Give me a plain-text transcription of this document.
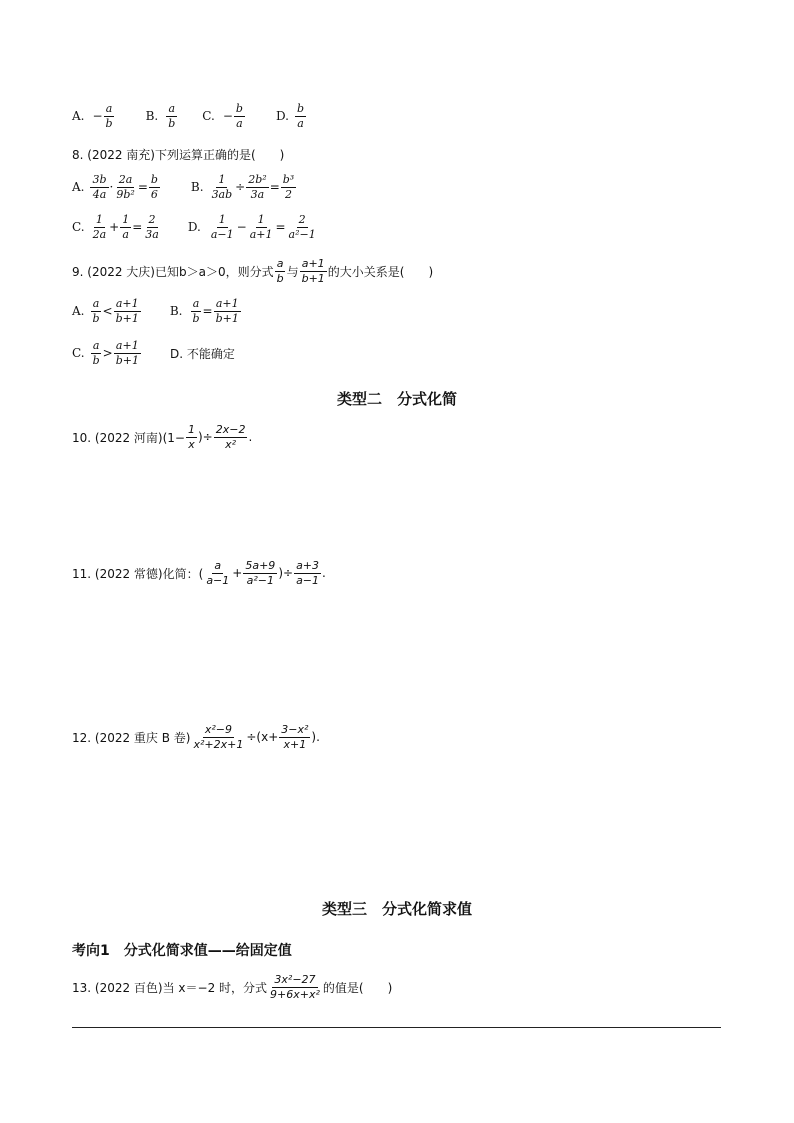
A. − $\frac{a}{b}$	B. $\frac{a}{b} C$. − $\frac{b}{a}$	D. $\frac{b}{a}$
8. (2022 南充)下列运算正确的是(　　)
A. $\frac{3b}{4a} \cdot \frac{2a}{\text{9b²}} = \frac{b}{6}$	B. $\frac{1}{3ab} \div \frac{\text{2b²}}{3a} = \frac{\text{b³}}{2}$
C. $\frac{1}{2a} + \frac{1}{a} = \frac{2}{3a} D$. $\frac{1}{a-1} - \frac{1}{a+1} = \frac{2}{\text{a²−1}}$
9. (2022 大庆)已知 b＞a＞0，则分式 $\frac{a}{b}$ 与 $\frac{a+1}{b+1}$ 的大小关系是(　　)
A. $\frac{a}{b} < \frac{a+1}{b+1} B$. $\frac{a}{b} = \frac{a+1}{b+1}$
C. $\frac{a}{b} > \frac{a+1}{b+1} D$. 不能确定
类型二　分式化简
10. (2022 河南)($1- \frac{1}{x}$ )÷ $\frac{2x-2}{\text{x²}}$ .
11. (2022 常德)化简：( $\frac{a}{a-1} + \frac{5a+9}{\text{a²−1}}$ )÷ $\frac{a+3}{a-1}$ .
12. (2022 重庆 B 卷) $\frac{\text{x²−9}}{\text{x²+2x+1}} \div(x+ \frac{\text{3−x²}}{x+1}$ ).
类型三　分式化简求值
考向1　分式化简求值——给固定值
13. (2022 百色)当 x＝−2 时，分式 $\frac{\text{3x²−27}}{\text{9+6x+x²}}$ 的值是(　　)
